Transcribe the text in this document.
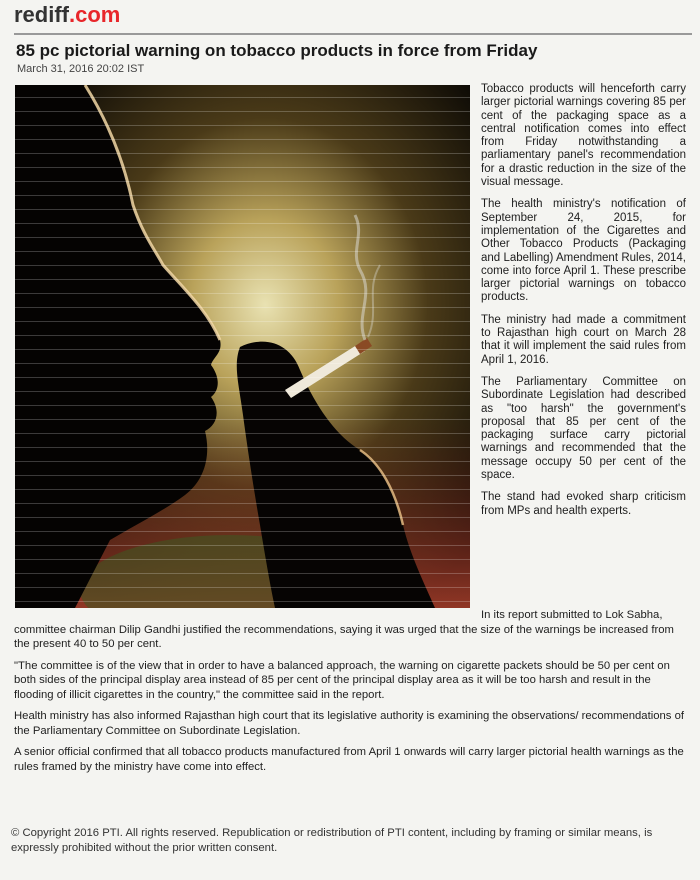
rediff.com
85 pc pictorial warning on tobacco products in force from Friday
March 31, 2016 20:02 IST

Tobacco products will henceforth carry larger pictorial warnings covering 85 per cent of the packaging space as a central notification comes into effect from Friday notwithstanding a parliamentary panel's recommendation for a drastic reduction in the size of the visual message.

The health ministry's notification of September 24, 2015, for implementation of the Cigarettes and Other Tobacco Products (Packaging and Labelling) Amendment Rules, 2014, come into force April 1. These prescribe larger pictorial warnings on tobacco products.

The ministry had made a commitment to Rajasthan high court on March 28 that it will implement the said rules from April 1, 2016.

The Parliamentary Committee on Subordinate Legislation had described as "too harsh" the government's proposal that 85 per cent of the packaging surface carry pictorial warnings and recommended that the message occupy 50 per cent of the space.

The stand had evoked sharp criticism from MPs and health experts.

In its report submitted to Lok Sabha, committee chairman Dilip Gandhi justified the recommendations, saying it was urged that the size of the warnings be increased from the present 40 to 50 per cent.

"The committee is of the view that in order to have a balanced approach, the warning on cigarette packets should be 50 per cent on both sides of the principal display area instead of 85 per cent of the principal display area as it will be too harsh and result in the flooding of illicit cigarettes in the country," the committee said in the report.

Health ministry has also informed Rajasthan high court that its legislative authority is examining the observations/ recommendations of the Parliamentary Committee on Subordinate Legislation.

A senior official confirmed that all tobacco products manufactured from April 1 onwards will carry larger pictorial health warnings as the rules framed by the ministry have come into effect.

© Copyright 2016 PTI. All rights reserved. Republication or redistribution of PTI content, including by framing or similar means, is expressly prohibited without the prior written consent.
